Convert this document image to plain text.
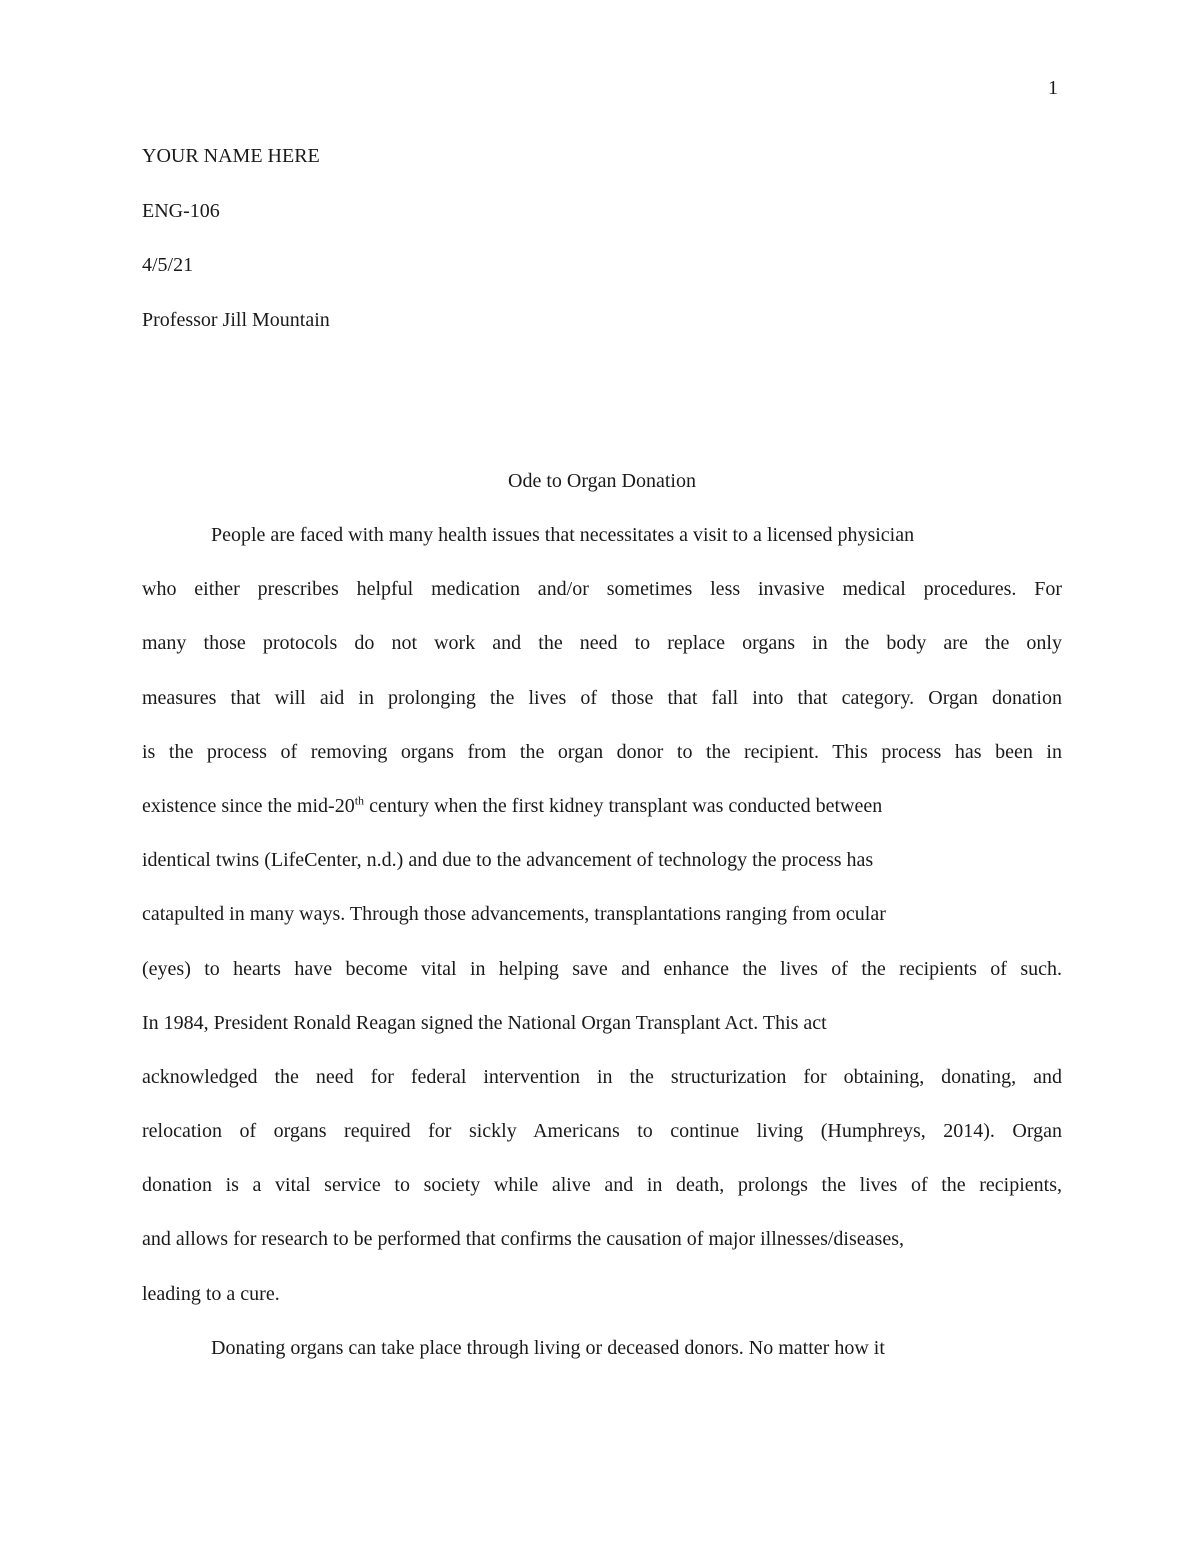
1
YOUR NAME HERE
ENG-106
4/5/21
Professor Jill Mountain
Ode to Organ Donation
People are faced with many health issues that necessitates a visit to a licensed physician
who either prescribes helpful medication and/or sometimes less invasive medical procedures. For
many those protocols do not work and the need to replace organs in the body are the only
measures that will aid in prolonging the lives of those that fall into that category. Organ donation
is the process of removing organs from the organ donor to the recipient. This process has been in
existence since the mid-20th century when the first kidney transplant was conducted between
identical twins (LifeCenter, n.d.) and due to the advancement of technology the process has
catapulted in many ways. Through those advancements, transplantations ranging from ocular
(eyes) to hearts have become vital in helping save and enhance the lives of the recipients of such.
In 1984, President Ronald Reagan signed the National Organ Transplant Act. This act
acknowledged the need for federal intervention in the structurization for obtaining, donating, and
relocation of organs required for sickly Americans to continue living (Humphreys, 2014). Organ
donation is a vital service to society while alive and in death, prolongs the lives of the recipients,
and allows for research to be performed that confirms the causation of major illnesses/diseases,
leading to a cure.
Donating organs can take place through living or deceased donors. No matter how it
